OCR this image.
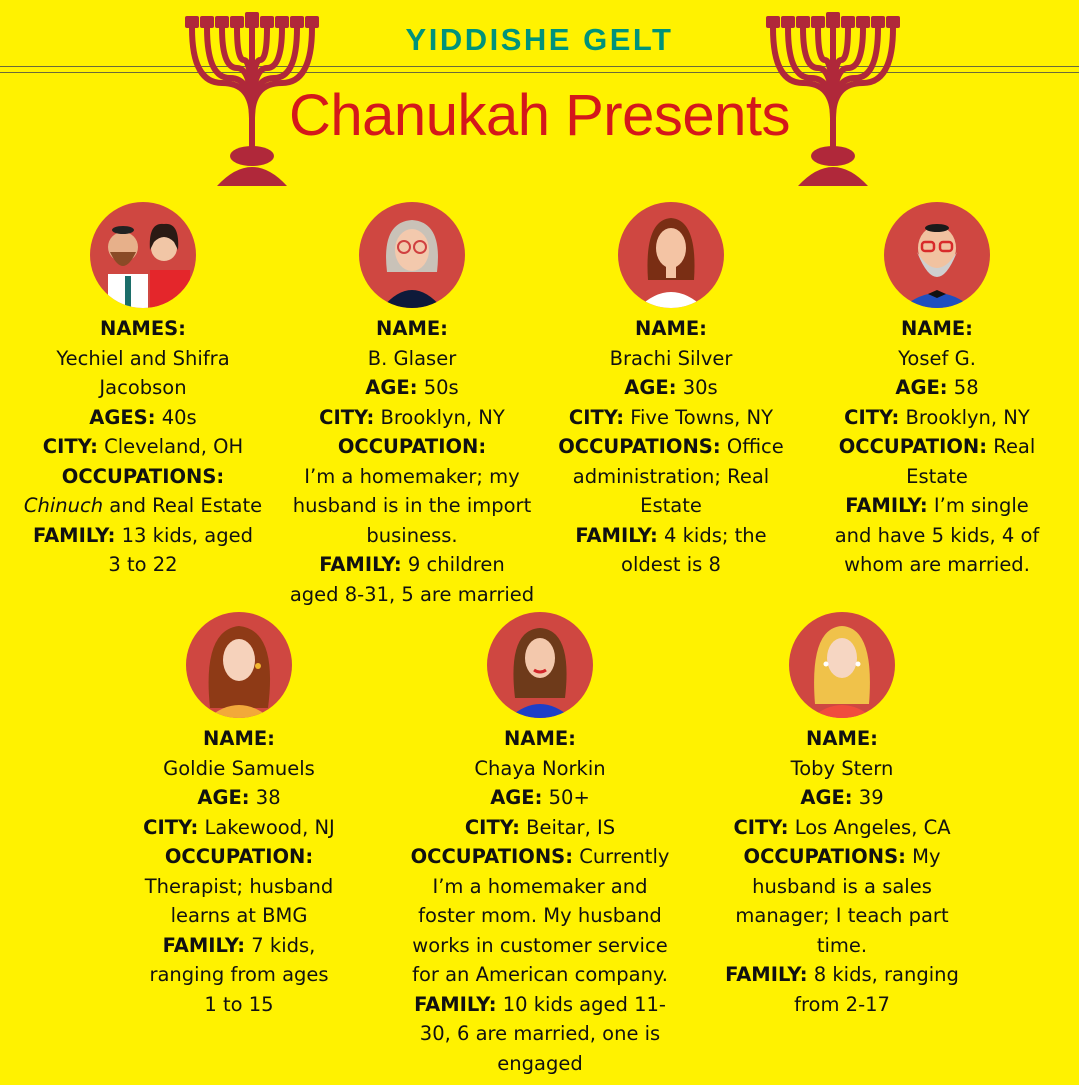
YIDDISHE GELT
Chanukah Presents
NAMES:
Yechiel and Shifra
Jacobson
AGES: 40s
CITY: Cleveland, OH
OCCUPATIONS:
Chinuch and Real Estate
FAMILY: 13 kids, aged
3 to 22
NAME:
B. Glaser
AGE: 50s
CITY: Brooklyn, NY
OCCUPATION:
I’m a homemaker; my
husband is in the import
business.
FAMILY: 9 children
aged 8-31, 5 are married
NAME:
Brachi Silver
AGE: 30s
CITY: Five Towns, NY
OCCUPATIONS: Office
administration; Real
Estate
FAMILY: 4 kids; the
oldest is 8
NAME:
Yosef G.
AGE: 58
CITY: Brooklyn, NY
OCCUPATION: Real
Estate
FAMILY: I’m single
and have 5 kids, 4 of
whom are married.
NAME:
Goldie Samuels
AGE: 38
CITY: Lakewood, NJ
OCCUPATION:
Therapist; husband
learns at BMG
FAMILY: 7 kids,
ranging from ages
1 to 15
NAME:
Chaya Norkin
AGE: 50+
CITY: Beitar, IS
OCCUPATIONS: Currently
I’m a homemaker and
foster mom. My husband
works in customer service
for an American company.
FAMILY: 10 kids aged 11-
30, 6 are married, one is
engaged
NAME:
Toby Stern
AGE: 39
CITY: Los Angeles, CA
OCCUPATIONS: My
husband is a sales
manager; I teach part
time.
FAMILY: 8 kids, ranging
from 2-17
